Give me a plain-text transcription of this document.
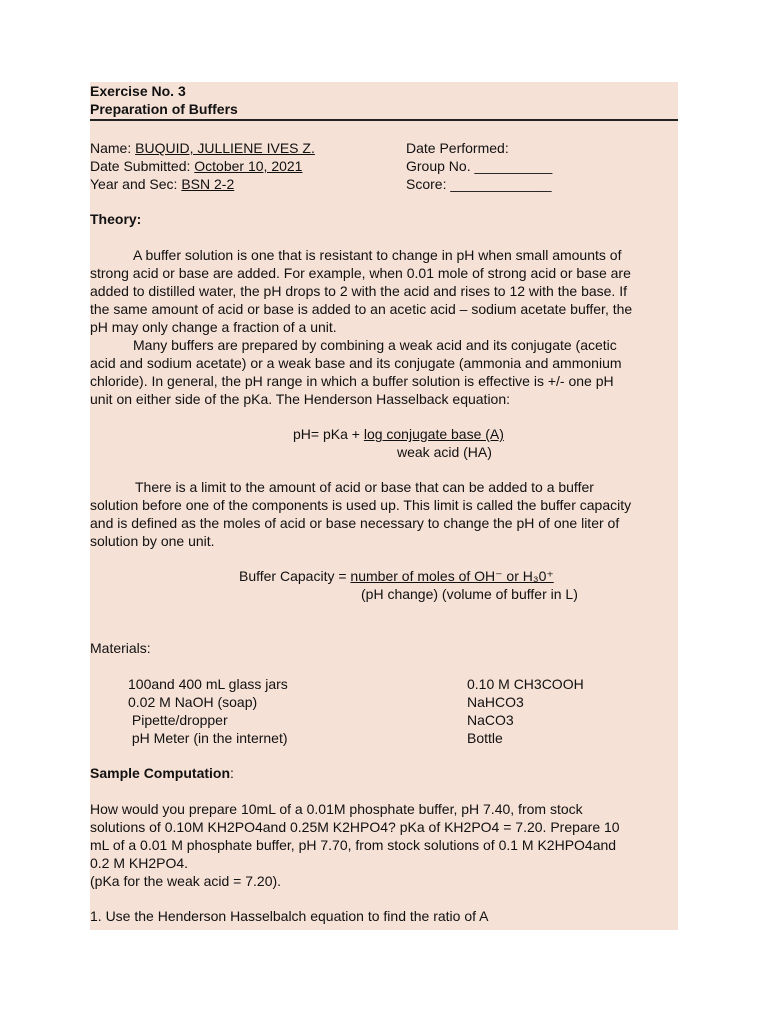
Exercise No. 3
Preparation of Buffers
Name: BUQUID, JULLIENE IVES Z.
Date Submitted: October 10, 2021
Year and Sec: BSN 2-2
Date Performed:
Group No. __________
Score: _____________
Theory:
A buffer solution is one that is resistant to change in pH when small amounts of
strong acid or base are added. For example, when 0.01 mole of strong acid or base are
added to distilled water, the pH drops to 2 with the acid and rises to 12 with the base. If
the same amount of acid or base is added to an acetic acid – sodium acetate buffer, the
pH may only change a fraction of a unit.
Many buffers are prepared by combining a weak acid and its conjugate (acetic
acid and sodium acetate) or a weak base and its conjugate (ammonia and ammonium
chloride). In general, the pH range in which a buffer solution is effective is +/- one pH
unit on either side of the pKa. The Henderson Hasselback equation:
pH= pKa + log conjugate base (A)
weak acid (HA)
There is a limit to the amount of acid or base that can be added to a buffer
solution before one of the components is used up. This limit is called the buffer capacity
and is defined as the moles of acid or base necessary to change the pH of one liter of
solution by one unit.
Buffer Capacity = number of moles of OH⁻ or H₃0⁺
(pH change) (volume of buffer in L)
Materials:
100and 400 mL glass jars
0.02 M NaOH (soap)
Pipette/dropper
pH Meter (in the internet)
0.10 M CH3COOH
NaHCO3
NaCO3
Bottle
Sample Computation:
How would you prepare 10mL of a 0.01M phosphate buffer, pH 7.40, from stock
solutions of 0.10M KH2PO4and 0.25M K2HPO4? pKa of KH2PO4 = 7.20. Prepare 10
mL of a 0.01 M phosphate buffer, pH 7.70, from stock solutions of 0.1 M K2HPO4and
0.2 M KH2PO4.
(pKa for the weak acid = 7.20).
1. Use the Henderson Hasselbalch equation to find the ratio of A
